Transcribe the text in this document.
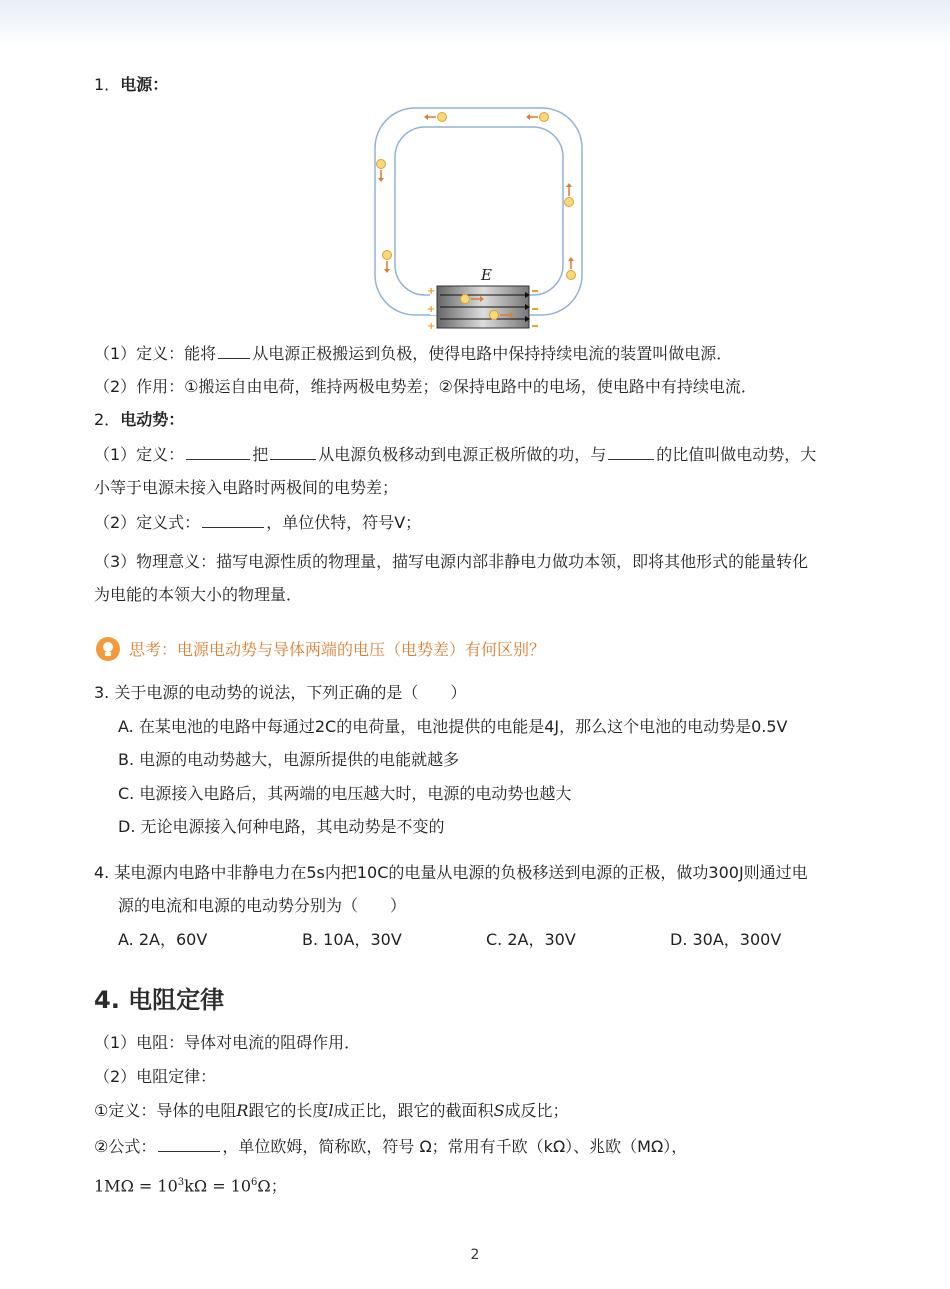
1．电源：
E
+
+
+
（1）定义：能将 从电源正极搬运到负极，使得电路中保持持续电流的装置叫做电源．
（2）作用：①搬运自由电荷，维持两极电势差；②保持电路中的电场，使电路中有持续电流．
2．电动势：
（1）定义：	把	从电源负极移动到电源正极所做的功，与	的比值叫做电动势，大
小等于电源未接入电路时两极间的电势差；
（2）定义式：	，单位伏特，符号V；
（3）物理意义：描写电源性质的物理量，描写电源内部非静电力做功本领，即将其他形式的能量转化
为电能的本领大小的物理量．
思考：电源电动势与导体两端的电压（电势差）有何区别？
3. 关于电源的电动势的说法，下列正确的是（　　）
A. 在某电池的电路中每通过2C的电荷量，电池提供的电能是4J，那么这个电池的电动势是0.5V
B. 电源的电动势越大，电源所提供的电能就越多
C. 电源接入电路后，其两端的电压越大时，电源的电动势也越大
D. 无论电源接入何种电路，其电动势是不变的
4. 某电源内电路中非静电力在5s内把10C的电量从电源的负极移送到电源的正极，做功300J则通过电
源的电流和电源的电动势分别为（　　）
A. 2A，60V	B. 10A，30V	C. 2A，30V	D. 30A，300V
4. 电阻定律
（1）电阻：导体对电流的阻碍作用．
（2）电阻定律：
①定义：导体的电阻R跟它的长度l成正比，跟它的截面积S成反比；
②公式：	，单位欧姆，简称欧，符号 Ω；常用有千欧（kΩ）、兆欧（MΩ），
$1M\Omega = 10^3k\Omega = 10^6\Omega$；
2
